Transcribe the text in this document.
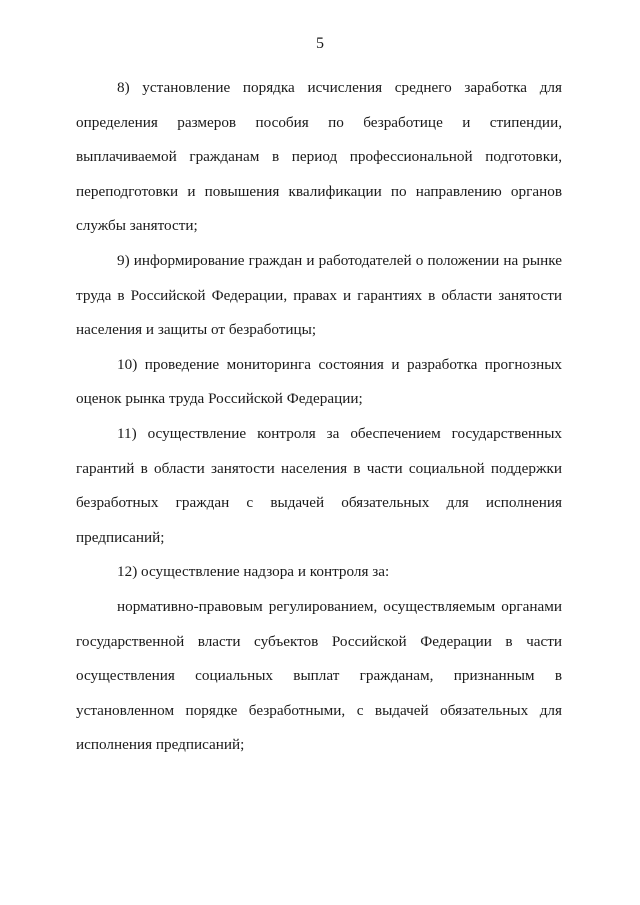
5

8) установление порядка исчисления среднего заработка для определения размеров пособия по безработице и стипендии, выплачиваемой гражданам в период профессиональной подготовки, переподготовки и повышения квалификации по направлению органов службы занятости;

9) информирование граждан и работодателей о положении на рынке труда в Российской Федерации, правах и гарантиях в области занятости населения и защиты от безработицы;

10) проведение мониторинга состояния и разработка прогнозных оценок рынка труда Российской Федерации;

11) осуществление контроля за обеспечением государственных гарантий в области занятости населения в части социальной поддержки безработных граждан с выдачей обязательных для исполнения предписаний;

12) осуществление надзора и контроля за:

нормативно-правовым регулированием, осуществляемым органами государственной власти субъектов Российской Федерации в части осуществления социальных выплат гражданам, признанным в установленном порядке безработными, с выдачей обязательных для исполнения предписаний;
